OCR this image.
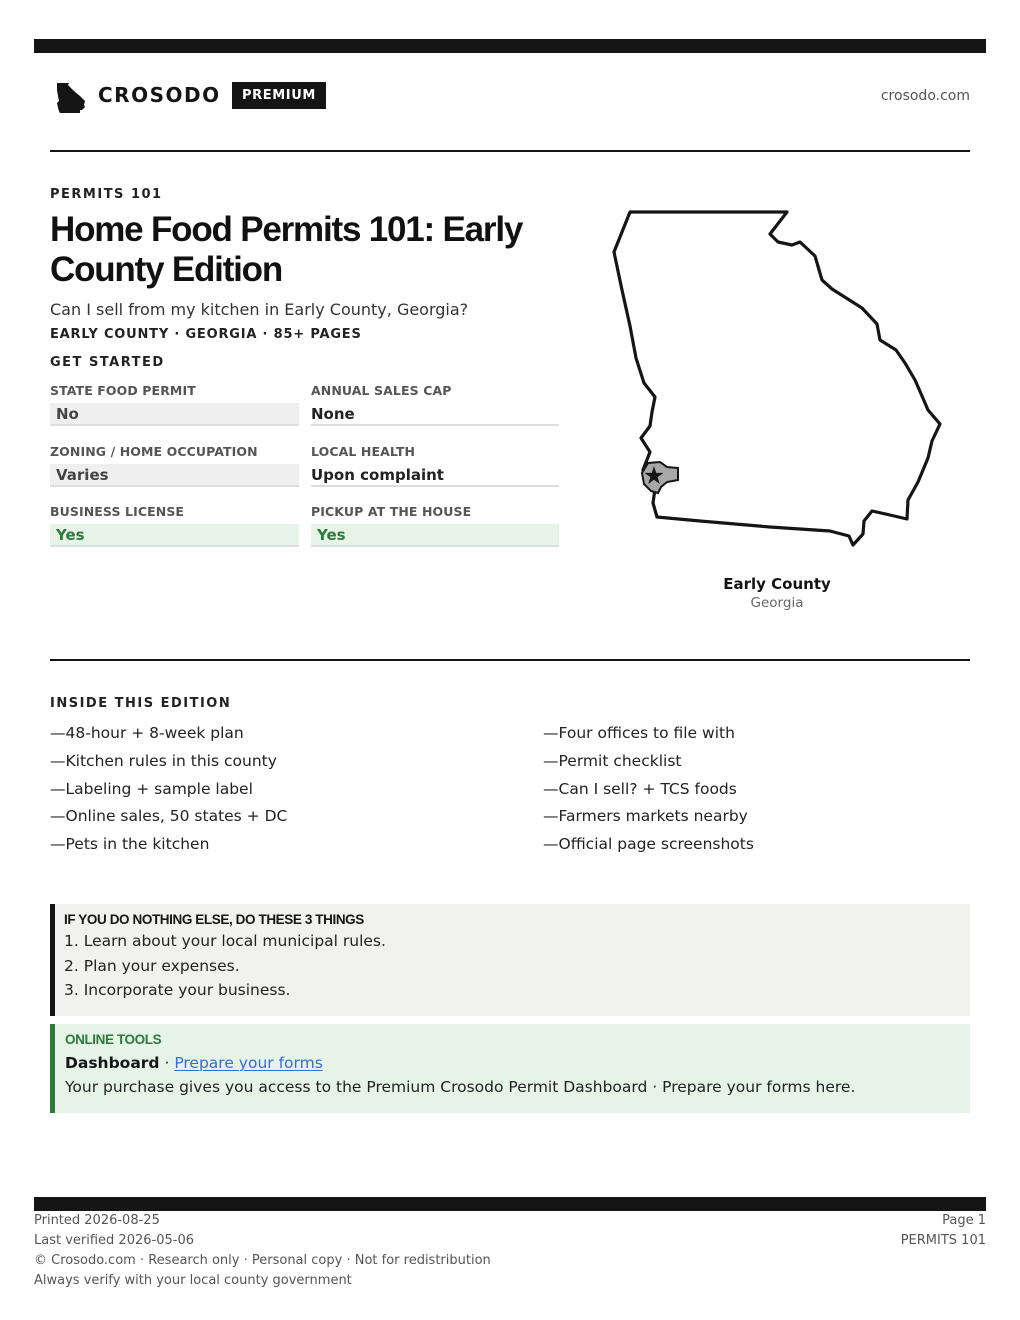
CROSODO	PREMIUM	crosodo.com
PERMITS 101
Home Food Permits 101: Early County Edition
Can I sell from my kitchen in Early County, Georgia?
EARLY COUNTY · GEORGIA · 85+ PAGES
GET STARTED
STATE FOOD PERMIT
No
ANNUAL SALES CAP
None
ZONING / HOME OCCUPATION
Varies
LOCAL HEALTH
Upon complaint
BUSINESS LICENSE
Yes
PICKUP AT THE HOUSE
Yes
Early County
Georgia
INSIDE THIS EDITION
—48-hour + 8-week plan
—Kitchen rules in this county
—Labeling + sample label
—Online sales, 50 states + DC
—Pets in the kitchen
—Four offices to file with
—Permit checklist
—Can I sell? + TCS foods
—Farmers markets nearby
—Official page screenshots
IF YOU DO NOTHING ELSE, DO THESE 3 THINGS
1. Learn about your local municipal rules.
2. Plan your expenses.
3. Incorporate your business.
ONLINE TOOLS
Dashboard · Prepare your forms
Your purchase gives you access to the Premium Crosodo Permit Dashboard · Prepare your forms here.
Printed 2026-08-25
Last verified 2026-05-06
© Crosodo.com · Research only · Personal copy · Not for redistribution
Always verify with your local county government
Page 1
PERMITS 101
